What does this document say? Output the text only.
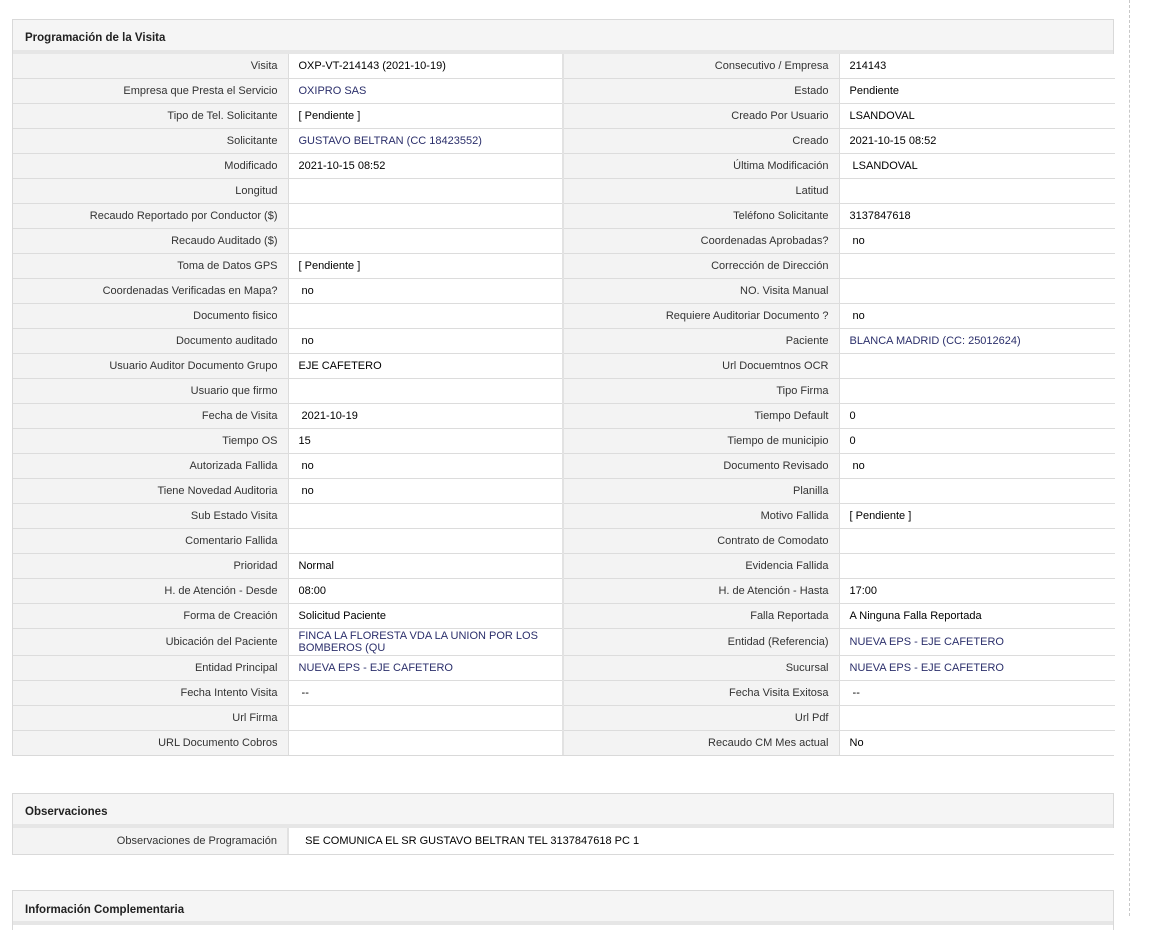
Programación de la Visita
Visita	OXP-VT-214143 (2021-10-19)	Consecutivo / Empresa	214143
Empresa que Presta el Servicio	OXIPRO SAS	Estado	Pendiente
Tipo de Tel. Solicitante	[ Pendiente ]	Creado Por Usuario	LSANDOVAL
Solicitante	GUSTAVO BELTRAN (CC 18423552)	Creado	2021-10-15 08:52
Modificado	2021-10-15 08:52	Última Modificación	LSANDOVAL
Longitud		Latitud	
Recaudo Reportado por Conductor ($)		Teléfono Solicitante	3137847618
Recaudo Auditado ($)		Coordenadas Aprobadas?	no
Toma de Datos GPS	[ Pendiente ]	Corrección de Dirección	
Coordenadas Verificadas en Mapa?	no	NO. Visita Manual	
Documento fisico		Requiere Auditoriar Documento ?	no
Documento auditado	no	Paciente	BLANCA MADRID (CC: 25012624)
Usuario Auditor Documento Grupo	EJE CAFETERO	Url Docuemtnos OCR	
Usuario que firmo		Tipo Firma	
Fecha de Visita	2021-10-19	Tiempo Default	0
Tiempo OS	15	Tiempo de municipio	0
Autorizada Fallida	no	Documento Revisado	no
Tiene Novedad Auditoria	no	Planilla	
Sub Estado Visita		Motivo Fallida	[ Pendiente ]
Comentario Fallida		Contrato de Comodato	
Prioridad	Normal	Evidencia Fallida	
H. de Atención - Desde	08:00	H. de Atención - Hasta	17:00
Forma de Creación	Solicitud Paciente	Falla Reportada	A Ninguna Falla Reportada
Ubicación del Paciente	FINCA LA FLORESTA VDA LA UNION POR LOS BOMBEROS (QU	Entidad (Referencia)	NUEVA EPS - EJE CAFETERO
Entidad Principal	NUEVA EPS - EJE CAFETERO	Sucursal	NUEVA EPS - EJE CAFETERO
Fecha Intento Visita	--	Fecha Visita Exitosa	--
Url Firma		Url Pdf	
URL Documento Cobros		Recaudo CM Mes actual	No
Observaciones
Observaciones de Programación	SE COMUNICA EL SR GUSTAVO BELTRAN TEL 3137847618 PC 1
Información Complementaria
